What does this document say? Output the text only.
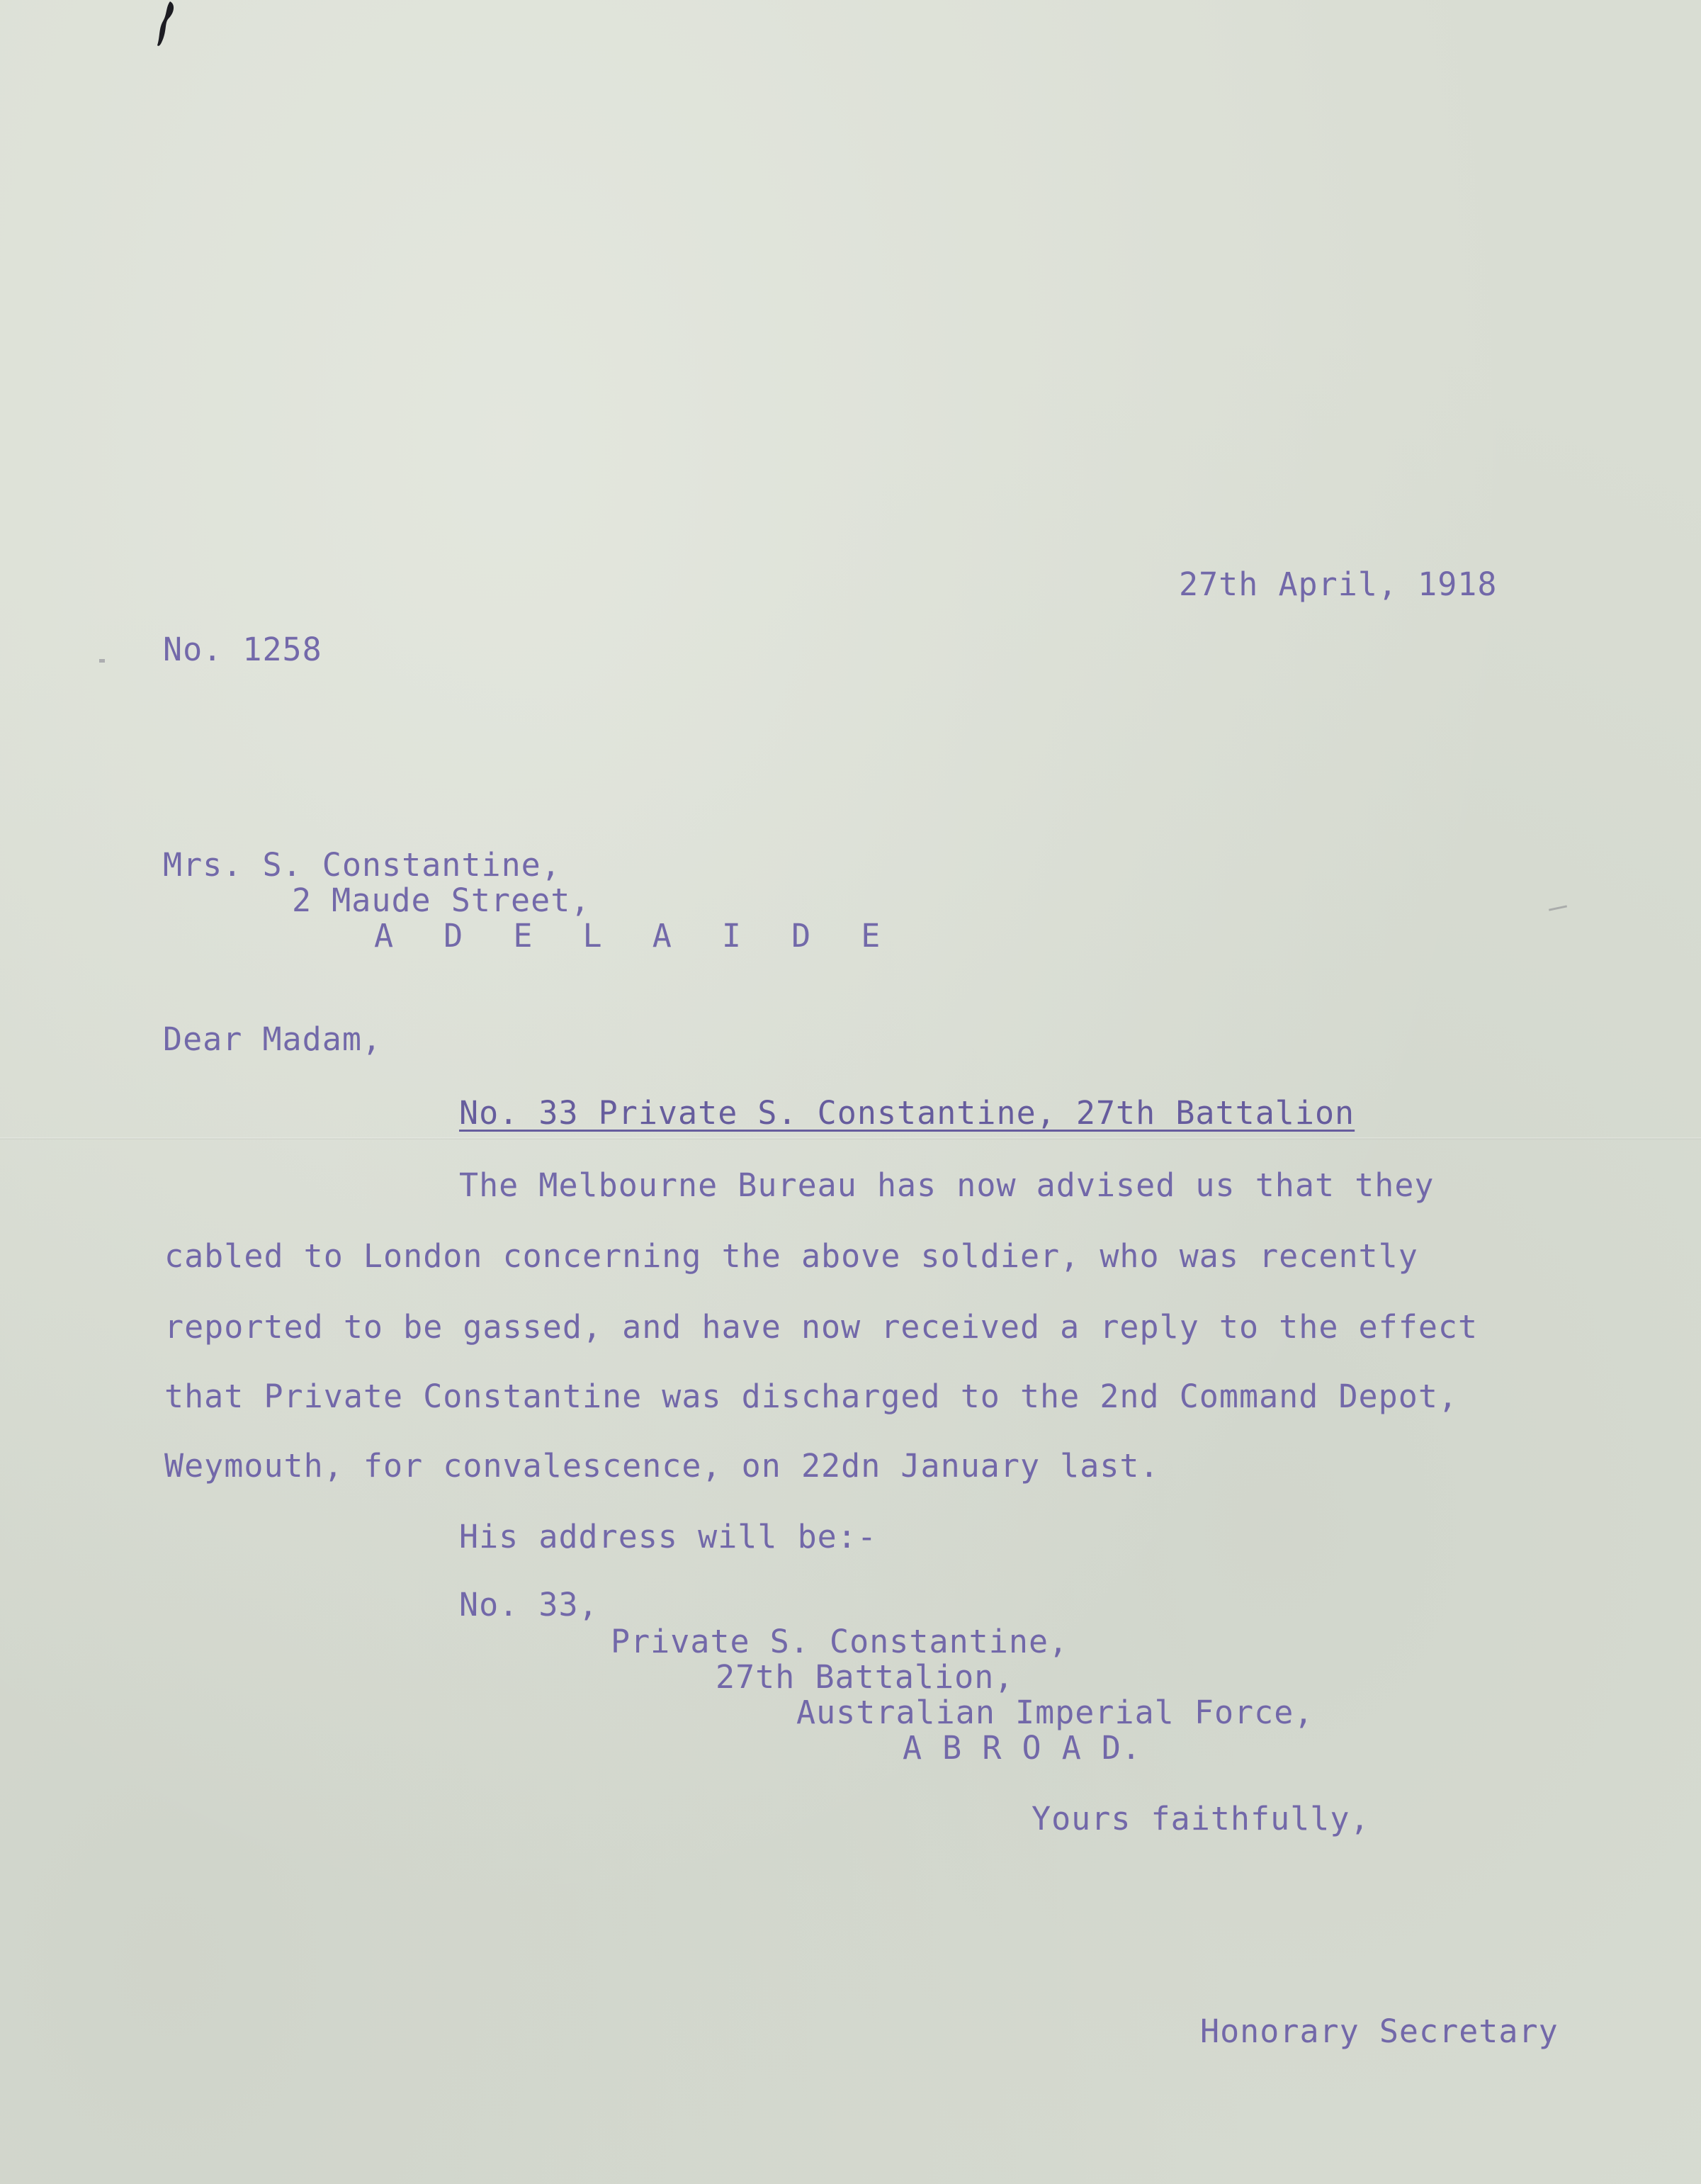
27th April, 1918
No. 1258
Mrs. S. Constantine,
2 Maude Street,
A D E L A I D E
Dear Madam,
No. 33 Private S. Constantine, 27th Battalion
The Melbourne Bureau has now advised us that they
cabled to London concerning the above soldier, who was recently
reported to be gassed, and have now received a reply to the effect
that Private Constantine was discharged to the 2nd Command Depot,
Weymouth, for convalescence, on 22dn January last.
His address will be:-
No. 33,
Private S. Constantine,
27th Battalion,
Australian Imperial Force,
A B R O A D.
Yours faithfully,
Honorary Secretary
